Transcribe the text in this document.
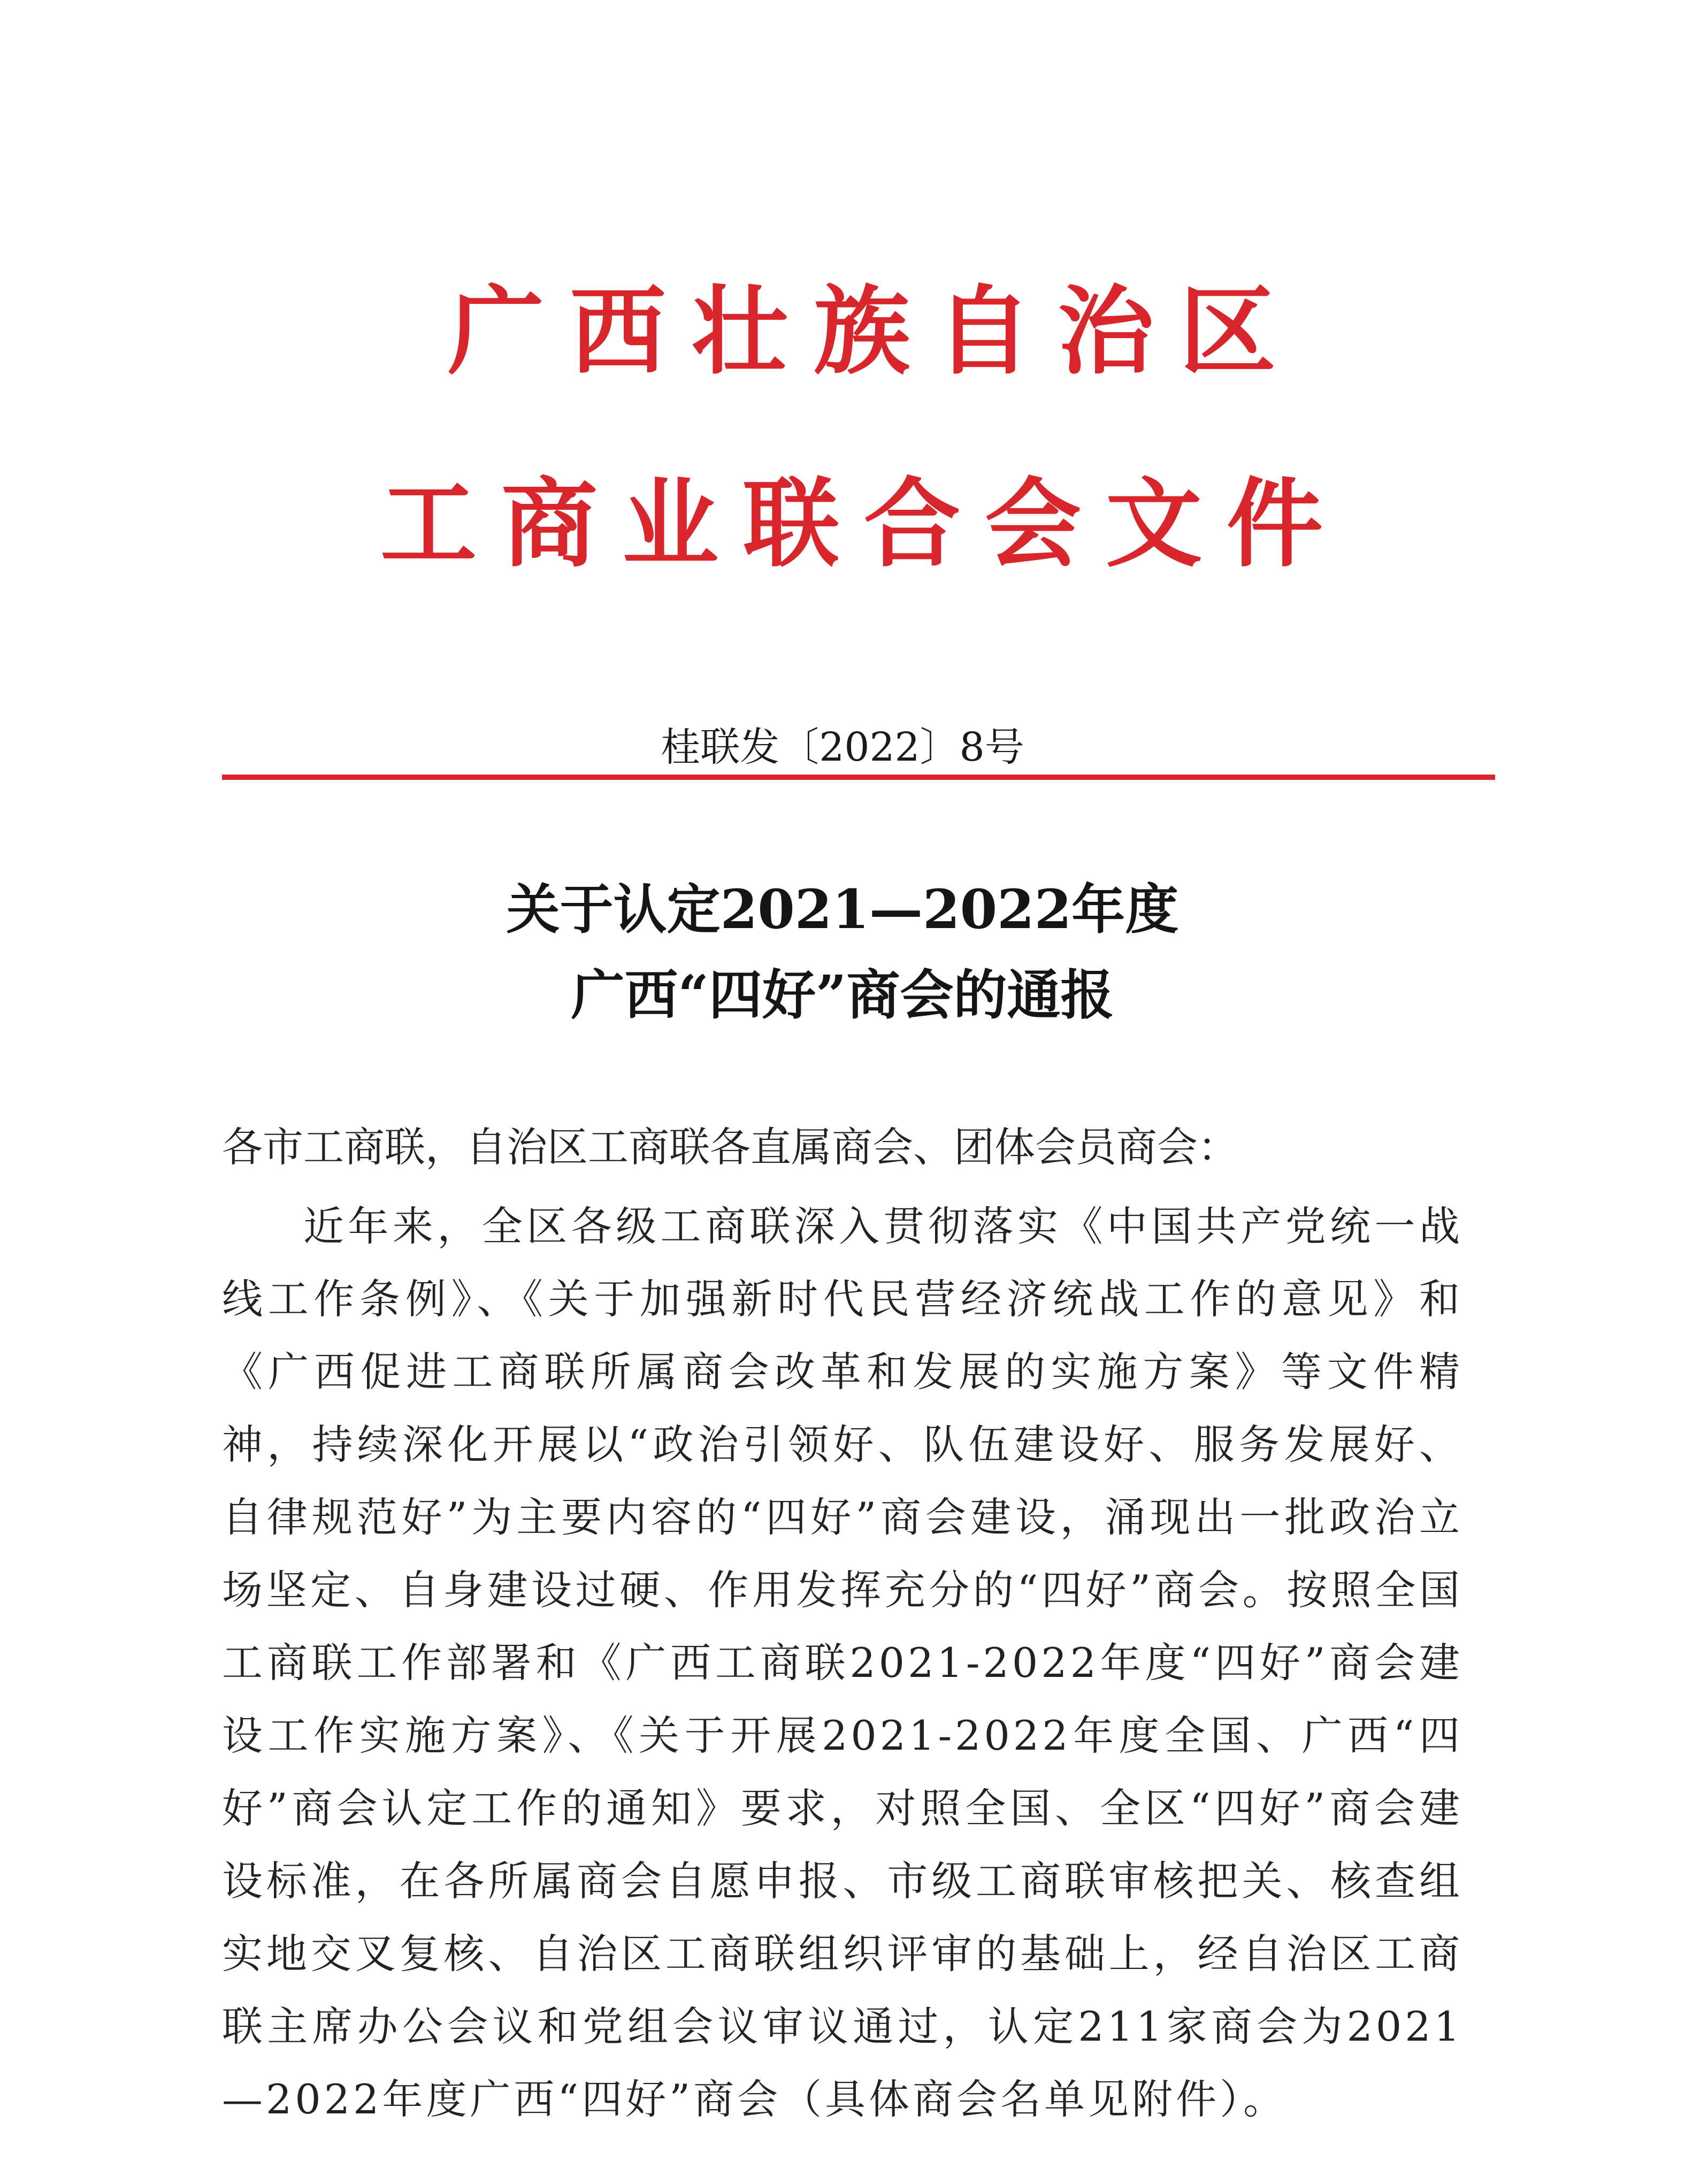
广西壮族自治区
工商业联合会文件
桂联发〔2022〕8号
关于认定2021—2022年度
广西“四好”商会的通报
各市工商联，自治区工商联各直属商会、团体会员商会：

近年来，全区各级工商联深入贯彻落实《中国共产党统一战线工作条例》、《关于加强新时代民营经济统战工作的意见》和《广西促进工商联所属商会改革和发展的实施方案》等文件精神，持续深化开展以“政治引领好、队伍建设好、服务发展好、自律规范好”为主要内容的“四好”商会建设，涌现出一批政治立场坚定、自身建设过硬、作用发挥充分的“四好”商会。按照全国工商联工作部署和《广西工商联2021-2022年度“四好”商会建设工作实施方案》、《关于开展2021-2022年度全国、广西“四好”商会认定工作的通知》要求，对照全国、全区“四好”商会建设标准，在各所属商会自愿申报、市级工商联审核把关、核查组实地交叉复核、自治区工商联组织评审的基础上，经自治区工商联主席办公会议和党组会议审议通过，认定211家商会为2021—2022年度广西“四好”商会（具体商会名单见附件）。
